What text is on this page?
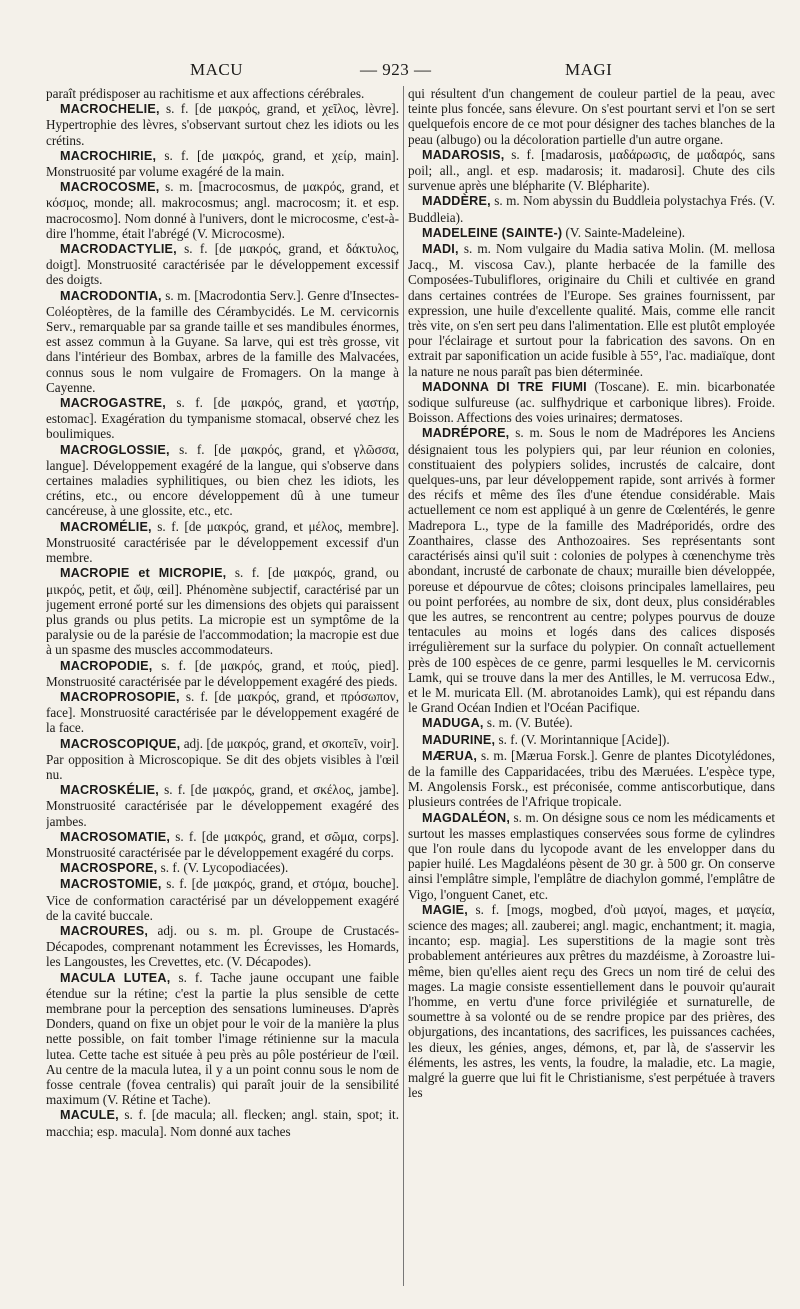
MACU	— 923 —	MAGI

paraît prédisposer au rachitisme et aux affections cérébrales.

MACROCHELIE, s. f. [de μακρός, grand, et χεῖλος, lèvre]. Hypertrophie des lèvres, s'observant surtout chez les idiots ou les crétins.

MACROCHIRIE, s. f. [de μακρός, grand, et χείρ, main]. Monstruosité par volume exagéré de la main.

MACROCOSME, s. m. [macrocosmus, de μακρός, grand, et κόσμος, monde; all. makrocosmus; angl. macrocosm; it. et esp. macrocosmo]. Nom donné à l'univers, dont le microcosme, c'est-à-dire l'homme, était l'abrégé (V. Microcosme).

MACRODACTYLIE, s. f. [de μακρός, grand, et δάκτυλος, doigt]. Monstruosité caractérisée par le développement excessif des doigts.

MACRODONTIA, s. m. [Macrodontia Serv.]. Genre d'Insectes-Coléoptères, de la famille des Cérambycidés. Le M. cervicornis Serv., remarquable par sa grande taille et ses mandibules énormes, est assez commun à la Guyane. Sa larve, qui est très grosse, vit dans l'intérieur des Bombax, arbres de la famille des Malvacées, connus sous le nom vulgaire de Fromagers. On la mange à Cayenne.

MACROGASTRE, s. f. [de μακρός, grand, et γαστήρ, estomac]. Exagération du tympanisme stomacal, observé chez les boulimiques.

MACROGLOSSIE, s. f. [de μακρός, grand, et γλῶσσα, langue]. Développement exagéré de la langue, qui s'observe dans certaines maladies syphilitiques, ou bien chez les idiots, les crétins, etc., ou encore développement dû à une tumeur cancéreuse, à une glossite, etc., etc.

MACROMÉLIE, s. f. [de μακρός, grand, et μέλος, membre]. Monstruosité caractérisée par le développement excessif d'un membre.

MACROPIE et MICROPIE, s. f. [de μακρός, grand, ou μικρός, petit, et ὤψ, œil]. Phénomène subjectif, caractérisé par un jugement erroné porté sur les dimensions des objets qui paraissent plus grands ou plus petits. La micropie est un symptôme de la paralysie ou de la parésie de l'accommodation; la macropie est due à un spasme des muscles accommodateurs.

MACROPODIE, s. f. [de μακρός, grand, et πούς, pied]. Monstruosité caractérisée par le développement exagéré des pieds.

MACROPROSOPIE, s. f. [de μακρός, grand, et πρόσωπον, face]. Monstruosité caractérisée par le développement exagéré de la face.

MACROSCOPIQUE, adj. [de μακρός, grand, et σκοπεῖν, voir]. Par opposition à Microscopique. Se dit des objets visibles à l'œil nu.

MACROSKÉLIE, s. f. [de μακρός, grand, et σκέλος, jambe]. Monstruosité caractérisée par le développement exagéré des jambes.

MACROSOMATIE, s. f. [de μακρός, grand, et σῶμα, corps]. Monstruosité caractérisée par le développement exagéré du corps.

MACROSPORE, s. f. (V. Lycopodiacées).

MACROSTOMIE, s. f. [de μακρός, grand, et στόμα, bouche]. Vice de conformation caractérisé par un développement exagéré de la cavité buccale.

MACROURES, adj. ou s. m. pl. Groupe de Crustacés-Décapodes, comprenant notamment les Écrevisses, les Homards, les Langoustes, les Crevettes, etc. (V. Décapodes).

MACULA LUTEA, s. f. Tache jaune occupant une faible étendue sur la rétine; c'est la partie la plus sensible de cette membrane pour la perception des sensations lumineuses. D'après Donders, quand on fixe un objet pour le voir de la manière la plus nette possible, on fait tomber l'image rétinienne sur la macula lutea. Cette tache est située à peu près au pôle postérieur de l'œil. Au centre de la macula lutea, il y a un point connu sous le nom de fosse centrale (fovea centralis) qui paraît jouir de la sensibilité maximum (V. Rétine et Tache).

MACULE, s. f. [de macula; all. flecken; angl. stain, spot; it. macchia; esp. macula]. Nom donné aux taches

qui résultent d'un changement de couleur partiel de la peau, avec teinte plus foncée, sans élevure. On s'est pourtant servi et l'on se sert quelquefois encore de ce mot pour désigner des taches blanches de la peau (albugo) ou la décoloration partielle d'un autre organe.

MADAROSIS, s. f. [madarosis, μαδάρωσις, de μαδαρός, sans poil; all., angl. et esp. madarosis; it. madarosi]. Chute des cils survenue après une blépharite (V. Blépharite).

MADDÈRE, s. m. Nom abyssin du Buddleia polystachya Frés. (V. Buddleia).

MADELEINE (SAINTE-) (V. Sainte-Madeleine).

MADI, s. m. Nom vulgaire du Madia sativa Molin. (M. mellosa Jacq., M. viscosa Cav.), plante herbacée de la famille des Composées-Tubuliflores, originaire du Chili et cultivée en grand dans certaines contrées de l'Europe. Ses graines fournissent, par expression, une huile d'excellente qualité. Mais, comme elle rancit très vite, on s'en sert peu dans l'alimentation. Elle est plutôt employée pour l'éclairage et surtout pour la fabrication des savons. On en extrait par saponification un acide fusible à 55°, l'ac. madiaïque, dont la nature ne nous paraît pas bien déterminée.

MADONNA DI TRE FIUMI (Toscane). E. min. bicarbonatée sodique sulfureuse (ac. sulfhydrique et carbonique libres). Froide. Boisson. Affections des voies urinaires; dermatoses.

MADRÉPORE, s. m. Sous le nom de Madrépores les Anciens désignaient tous les polypiers qui, par leur réunion en colonies, constituaient des polypiers solides, incrustés de calcaire, dont quelques-uns, par leur développement rapide, sont arrivés à former des récifs et même des îles d'une étendue considérable. Mais actuellement ce nom est appliqué à un genre de Cœlentérés, le genre Madrepora L., type de la famille des Madréporidés, ordre des Zoanthaires, classe des Anthozoaires. Ses représentants sont caractérisés ainsi qu'il suit : colonies de polypes à cœnenchyme très abondant, incrusté de carbonate de chaux; muraille bien développée, poreuse et dépourvue de côtes; cloisons principales lamellaires, peu ou point perforées, au nombre de six, dont deux, plus considérables que les autres, se rencontrent au centre; polypes pourvus de douze tentacules au moins et logés dans des calices disposés irrégulièrement sur la surface du polypier. On connaît actuellement près de 100 espèces de ce genre, parmi lesquelles le M. cervicornis Lamk, qui se trouve dans la mer des Antilles, le M. verrucosa Edw., et le M. muricata Ell. (M. abrotanoides Lamk), qui est répandu dans le Grand Océan Indien et l'Océan Pacifique.

MADUGA, s. m. (V. Butée).

MADURINE, s. f. (V. Morintannique [Acide]).

MÆRUA, s. m. [Mærua Forsk.]. Genre de plantes Dicotylédones, de la famille des Capparidacées, tribu des Mæruées. L'espèce type, M. Angolensis Forsk., est préconisée, comme antiscorbutique, dans plusieurs contrées de l'Afrique tropicale.

MAGDALÉON, s. m. On désigne sous ce nom les médicaments et surtout les masses emplastiques conservées sous forme de cylindres que l'on roule dans du lycopode avant de les envelopper dans du papier huilé. Les Magdaléons pèsent de 30 gr. à 500 gr. On conserve ainsi l'emplâtre simple, l'emplâtre de diachylon gommé, l'emplâtre de Vigo, l'onguent Canet, etc.

MAGIE, s. f. [mogs, mogbed, d'où μαγοί, mages, et μαγεία, science des mages; all. zauberei; angl. magic, enchantment; it. magia, incanto; esp. magia]. Les superstitions de la magie sont très probablement antérieures aux prêtres du mazdéisme, à Zoroastre lui-même, bien qu'elles aient reçu des Grecs un nom tiré de celui des mages. La magie consiste essentiellement dans le pouvoir qu'aurait l'homme, en vertu d'une force privilégiée et surnaturelle, de soumettre à sa volonté ou de se rendre propice par des prières, des objurgations, des incantations, des sacrifices, les puissances cachées, les dieux, les génies, anges, démons, et, par là, de s'asservir les éléments, les astres, les vents, la foudre, la maladie, etc. La magie, malgré la guerre que lui fit le Christianisme, s'est perpétuée à travers les
